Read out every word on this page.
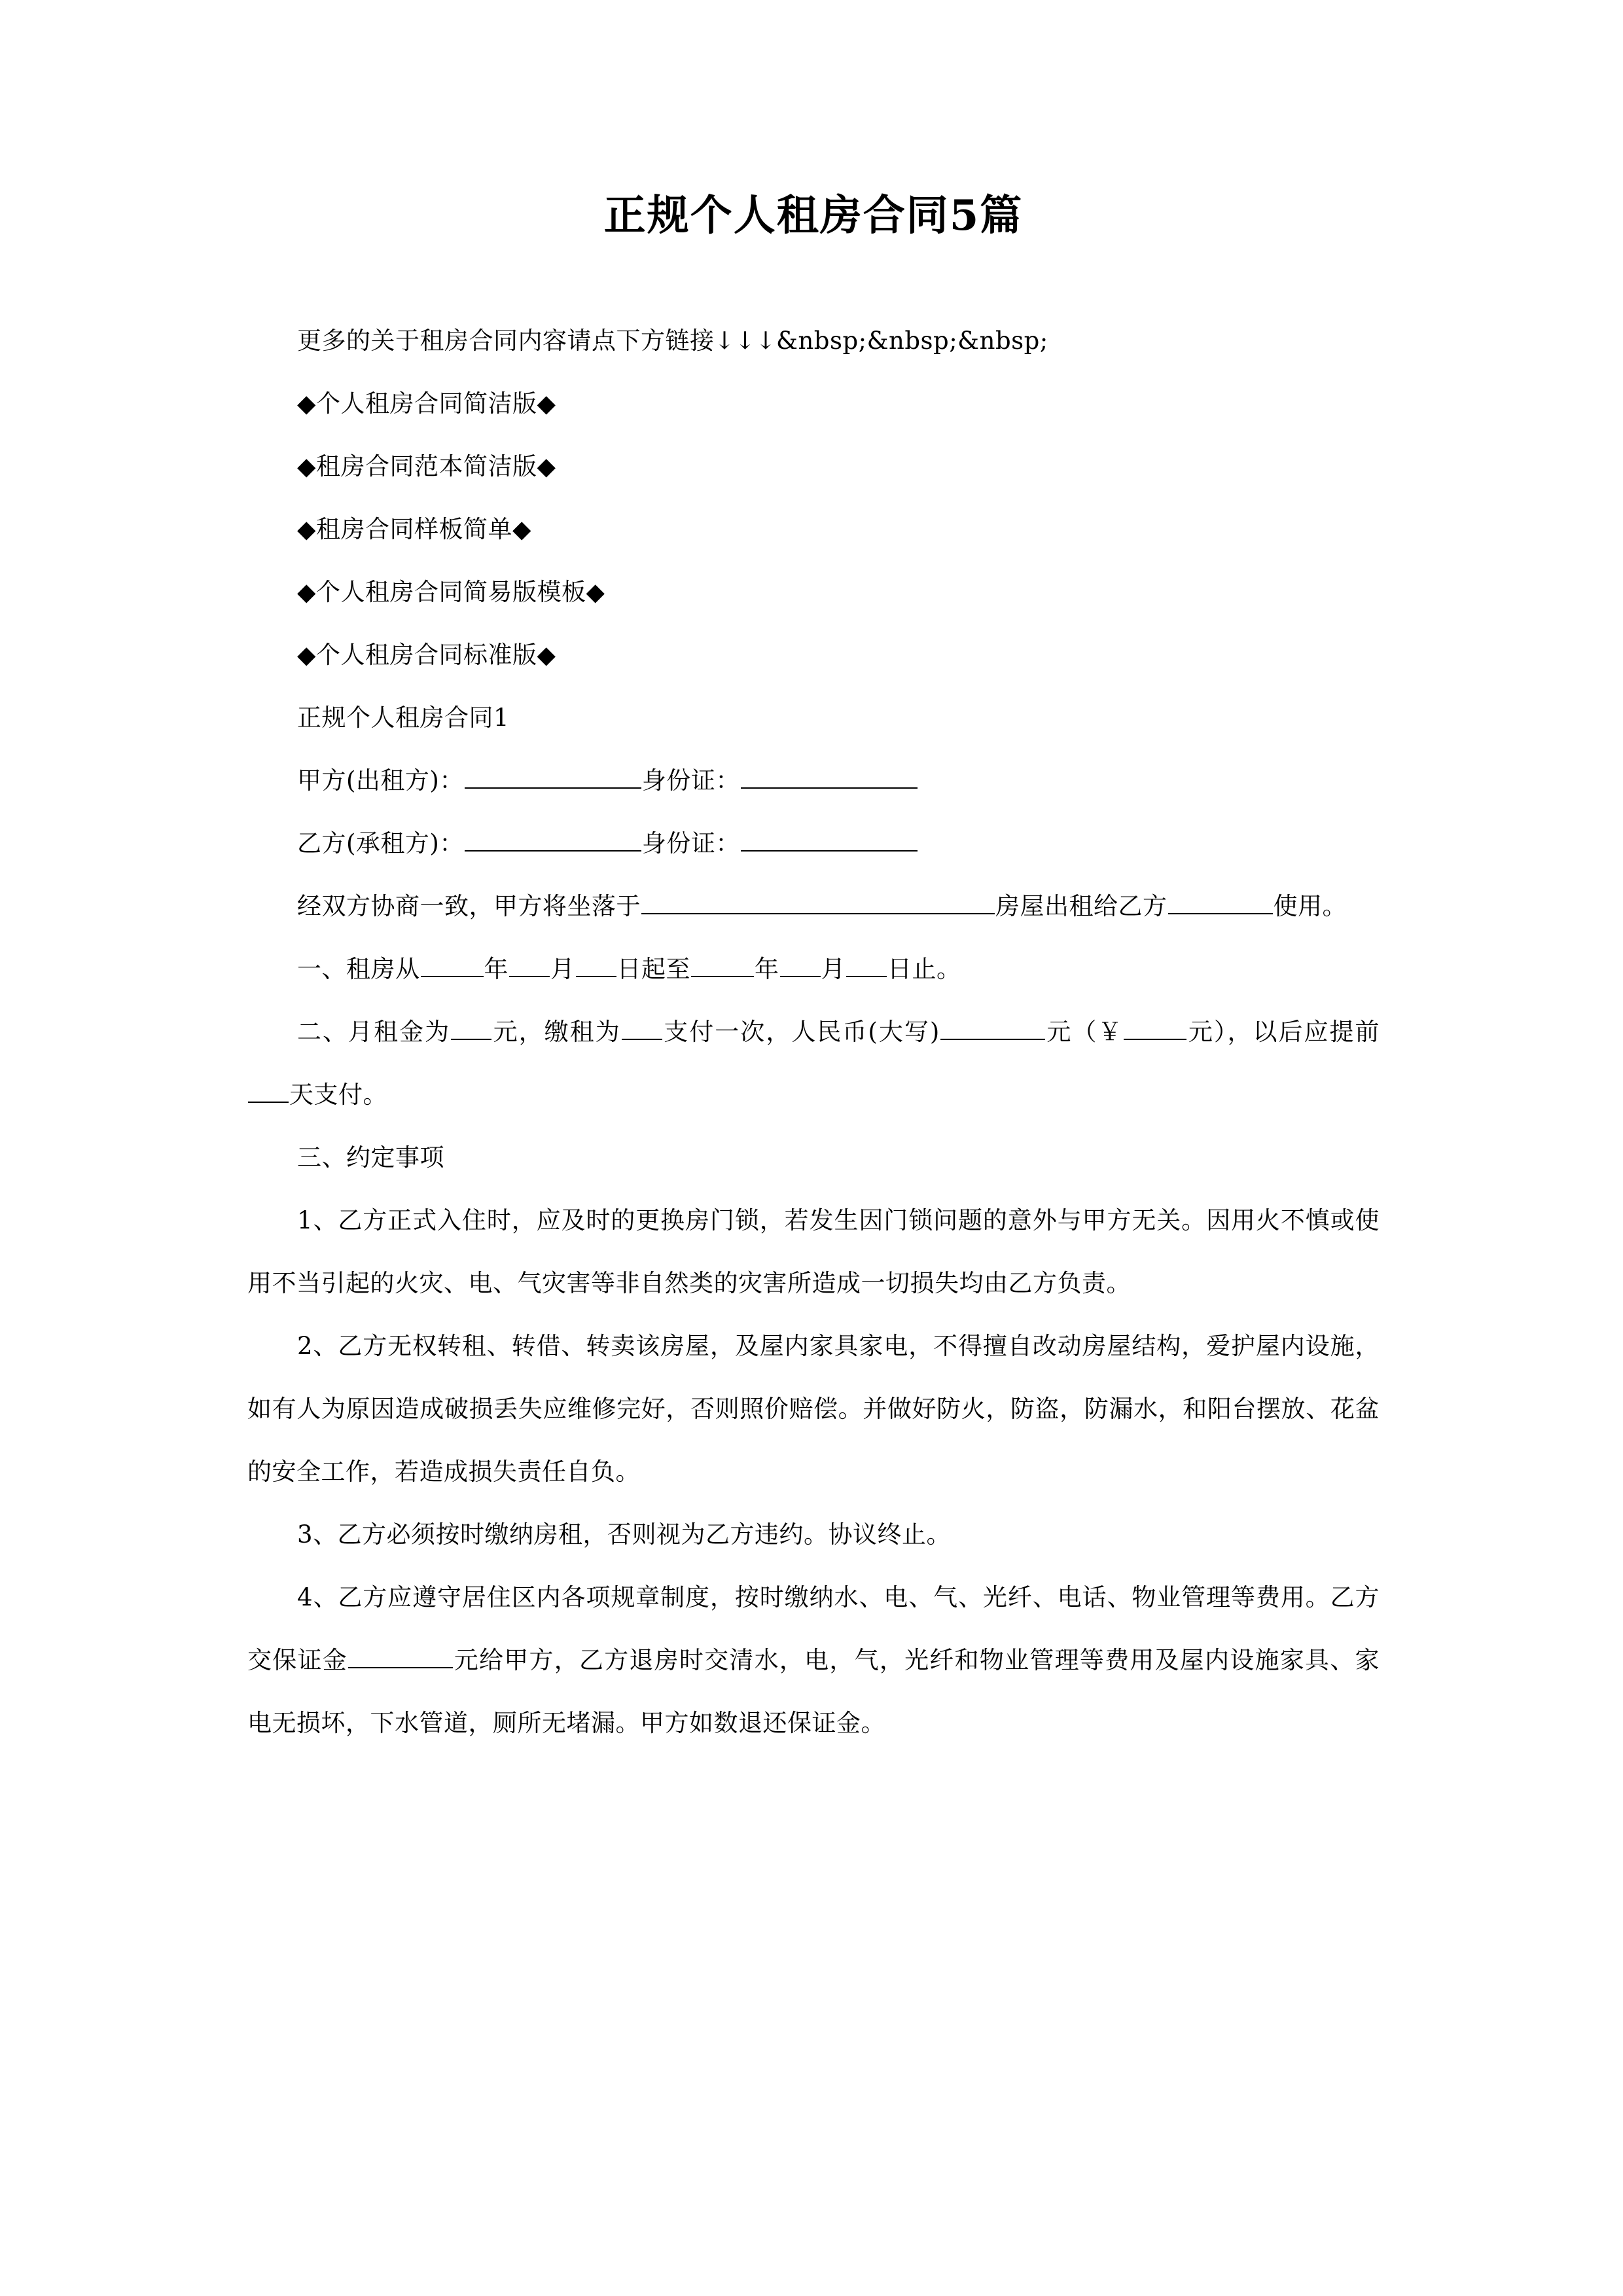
正规个人租房合同5篇
更多的关于租房合同内容请点下方链接↓↓↓&nbsp;&nbsp;&nbsp;
◆个人租房合同简洁版◆
◆租房合同范本简洁版◆
◆租房合同样板简单◆
◆个人租房合同简易版模板◆
◆个人租房合同标准版◆
正规个人租房合同1
甲方(出租方)：	身份证：
乙方(承租方)：	身份证：
经双方协商一致，甲方将坐落于	房屋出租给乙方	使用。
一、租房从	年 月 日起至	年 月 日止。
二、月租金为 元，缴租为 支付一次，人民币(大写)	元（￥	元），以后应提前天支付。
三、约定事项
1、乙方正式入住时，应及时的更换房门锁，若发生因门锁问题的意外与甲方无关。因用火不慎或使用不当引起的火灾、电、气灾害等非自然类的灾害所造成一切损失均由乙方负责。
2、乙方无权转租、转借、转卖该房屋，及屋内家具家电，不得擅自改动房屋结构，爱护屋内设施，如有人为原因造成破损丢失应维修完好，否则照价赔偿。并做好防火，防盗，防漏水，和阳台摆放、花盆的安全工作，若造成损失责任自负。
3、乙方必须按时缴纳房租，否则视为乙方违约。协议终止。
4、乙方应遵守居住区内各项规章制度，按时缴纳水、电、气、光纤、电话、物业管理等费用。乙方交保证金	元给甲方，乙方退房时交清水，电，气，光纤和物业管理等费用及屋内设施家具、家电无损坏，下水管道，厕所无堵漏。甲方如数退还保证金。
